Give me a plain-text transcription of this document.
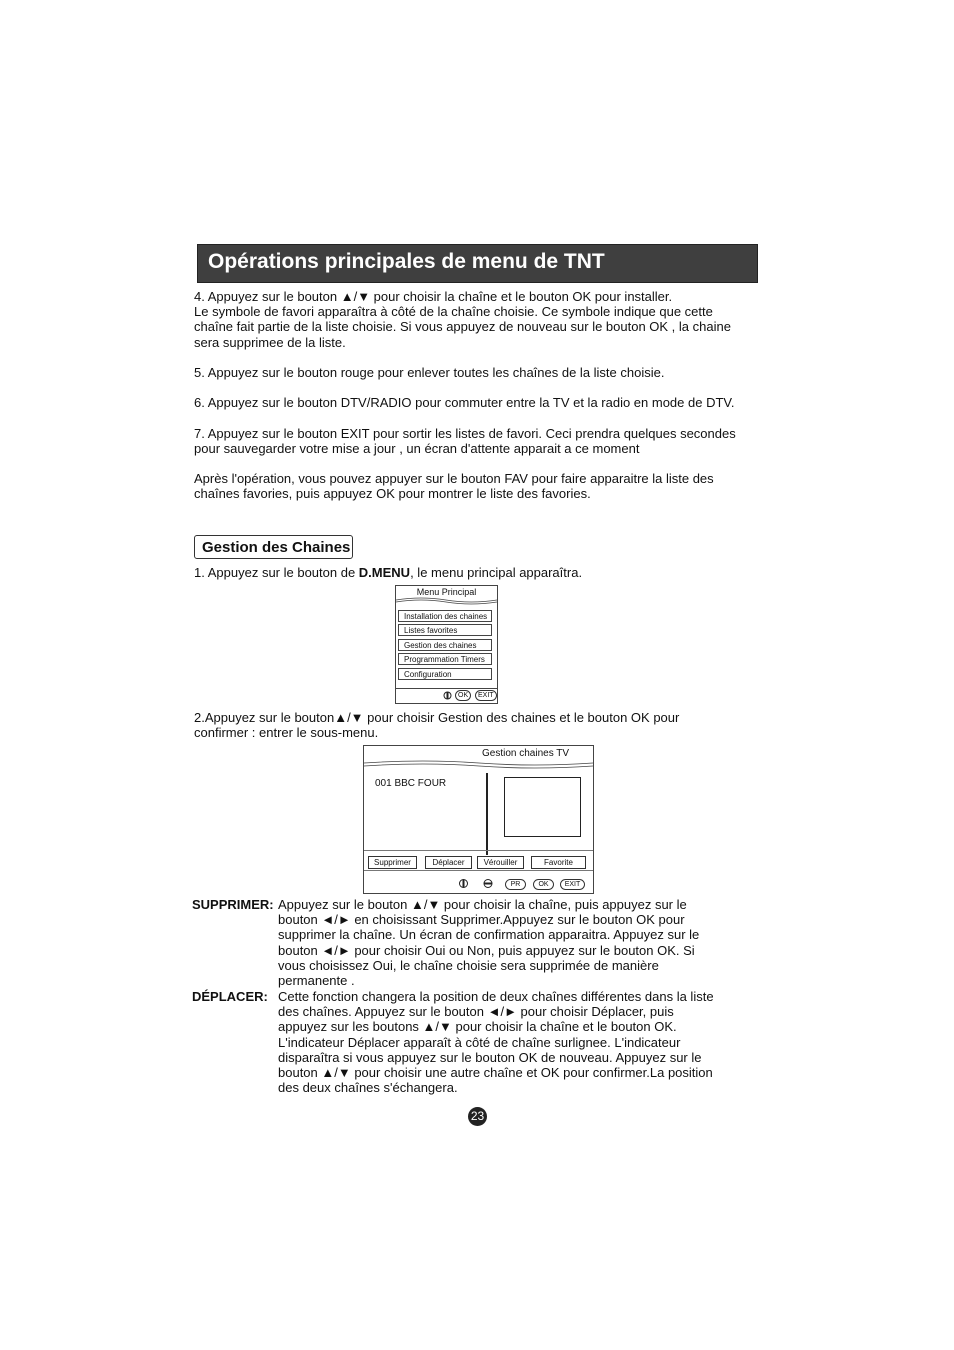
Opérations principales de menu de TNT
4. Appuyez sur le bouton ▲/▼ pour choisir la chaîne et le bouton OK pour installer.
Le symbole de favori apparaîtra à côté de la chaîne choisie. Ce symbole indique que cette
chaîne fait partie de la liste choisie. Si vous appuyez de nouveau sur le bouton OK , la chaine
sera supprimee de la liste.
5. Appuyez sur le bouton rouge pour enlever toutes les chaînes de la liste choisie.
6. Appuyez sur le bouton DTV/RADIO pour commuter entre la TV et la radio en mode de DTV.
7. Appuyez sur le bouton EXIT pour sortir les listes de favori. Ceci prendra quelques secondes
pour sauvegarder votre mise a jour , un écran d'attente apparait a ce moment
Après l'opération, vous pouvez appuyer sur le bouton FAV pour faire apparaitre la liste des
chaînes favories, puis appuyez OK pour montrer le liste des favories.
Gestion des Chaines
1. Appuyez sur le bouton de D.MENU, le menu principal apparaîtra.
Menu Principal
Installation des chaines
Listes favorites
Gestion des chaines
Programmation Timers
Configuration
OK	EXIT
2.Appuyez sur le bouton▲/▼ pour choisir Gestion des chaines et le bouton OK pour
confirmer : entrer le sous-menu.
Gestion chaines TV
001 BBC FOUR
Supprimer	Déplacer	Vérouiller	Favorite
PR	OK	EXIT
SUPPRIMER: Appuyez sur le bouton ▲/▼ pour choisir la chaîne, puis appuyez sur le
bouton ◄/► en choisissant Supprimer.Appuyez sur le bouton OK pour
supprimer la chaîne. Un écran de confirmation apparaitra. Appuyez sur le
bouton ◄/► pour choisir Oui ou Non, puis appuyez sur le bouton OK. Si
vous choisissez Oui, le chaîne choisie sera supprimée de manière
permanente .
DÉPLACER: Cette fonction changera la position de deux chaînes différentes dans la liste
des chaînes. Appuyez sur le bouton ◄/► pour choisir Déplacer, puis
appuyez sur les boutons ▲/▼ pour choisir la chaîne et le bouton OK.
L'indicateur Déplacer apparaît à côté de chaîne surlignee. L'indicateur
disparaîtra si vous appuyez sur le bouton OK de nouveau. Appuyez sur le
bouton ▲/▼ pour choisir une autre chaîne et OK pour confirmer.La position
des deux chaînes s'échangera.
23
